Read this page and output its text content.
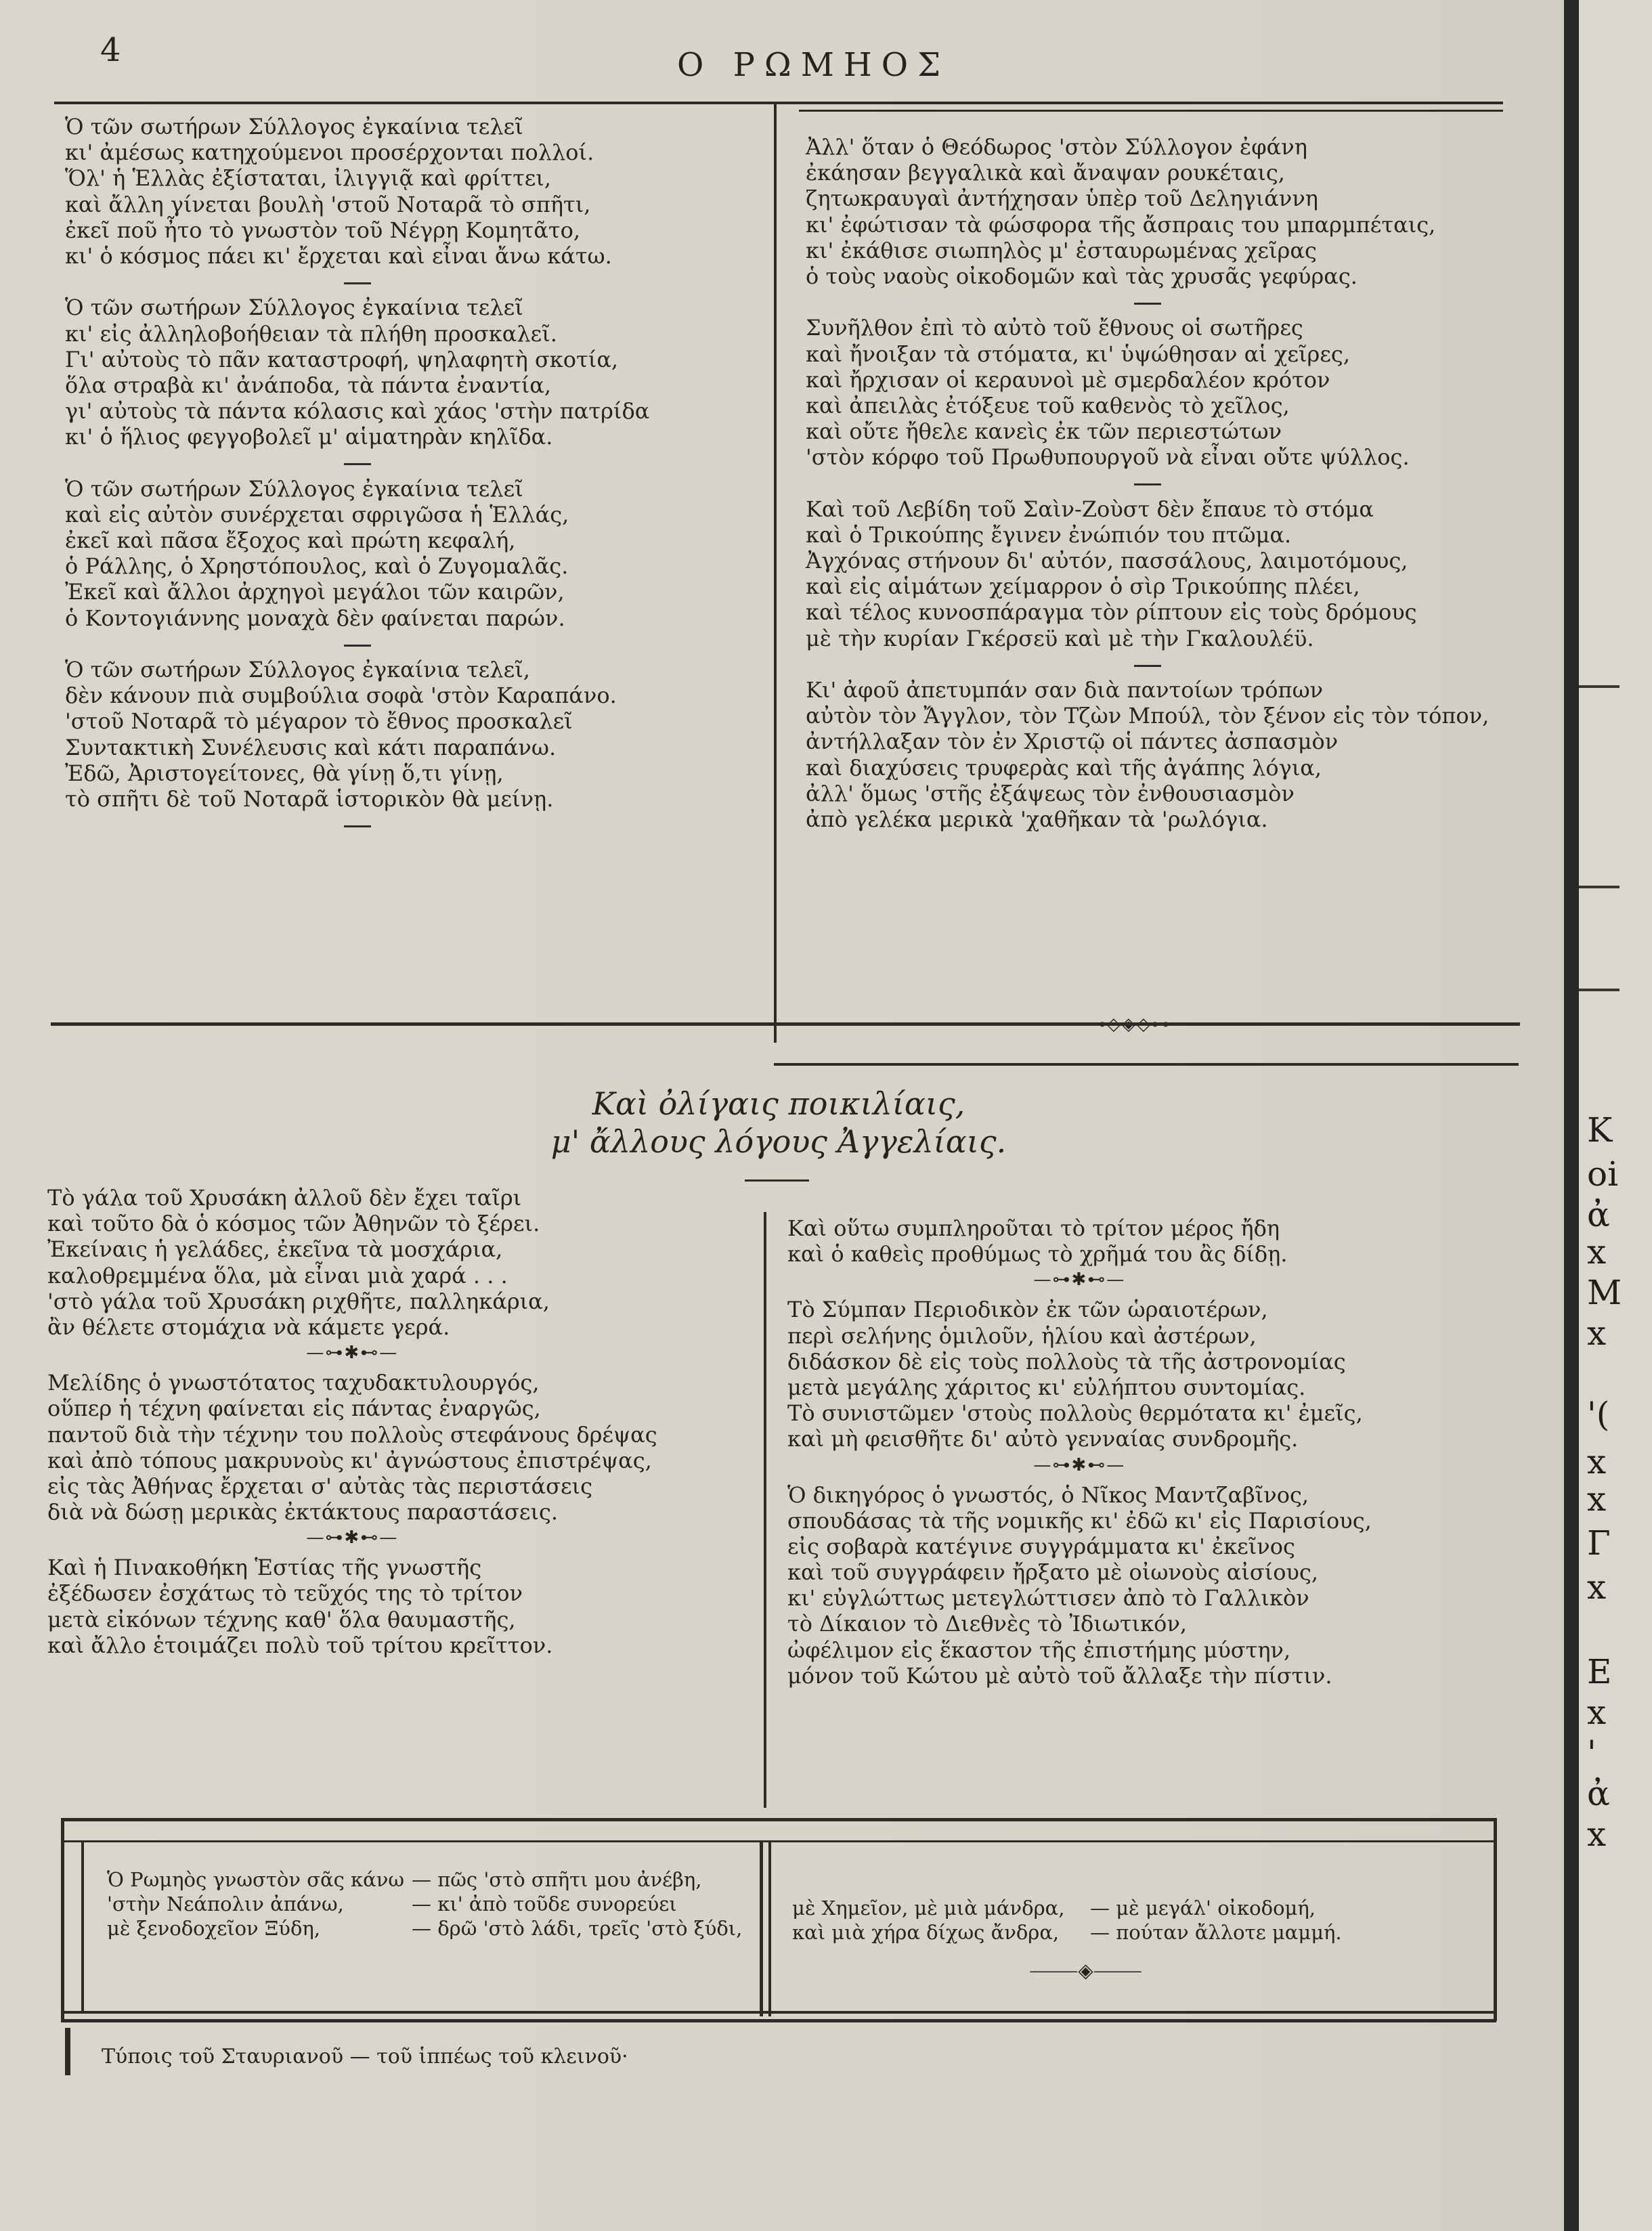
4	Ο ΡΩΜΗΟΣ
Ὁ τῶν σωτήρων Σύλλογος ἐγκαίνια τελεῖ
κι' ἀμέσως κατηχούμενοι προσέρχονται πολλοί.
Ὅλ' ἡ Ἑλλὰς ἐξίσταται, ἰλιγγιᾷ καὶ φρίττει,
καὶ ἄλλη γίνεται βουλὴ 'στοῦ Νοταρᾶ τὸ σπῆτι,
ἐκεῖ ποῦ ἦτο τὸ γνωστὸν τοῦ Νέγρη Κομητᾶτο,
κι' ὁ κόσμος πάει κι' ἔρχεται καὶ εἶναι ἄνω κάτω.
Ὁ τῶν σωτήρων Σύλλογος ἐγκαίνια τελεῖ
κι' εἰς ἀλληλοβοήθειαν τὰ πλήθη προσκαλεῖ.
Γι' αὐτοὺς τὸ πᾶν καταστροφή, ψηλαφητὴ σκοτία,
ὅλα στραβὰ κι' ἀνάποδα, τὰ πάντα ἐναντία,
γι' αὐτοὺς τὰ πάντα κόλασις καὶ χάος 'στὴν πατρίδα
κι' ὁ ἥλιος φεγγοβολεῖ μ' αἱματηρὰν κηλῖδα.
Ὁ τῶν σωτήρων Σύλλογος ἐγκαίνια τελεῖ
καὶ εἰς αὐτὸν συνέρχεται σφριγῶσα ἡ Ἑλλάς,
ἐκεῖ καὶ πᾶσα ἔξοχος καὶ πρώτη κεφαλή,
ὁ Ράλλης, ὁ Χρηστόπουλος, καὶ ὁ Ζυγομαλᾶς.
Ἐκεῖ καὶ ἄλλοι ἀρχηγοὶ μεγάλοι τῶν καιρῶν,
ὁ Κοντογιάννης μοναχὰ δὲν φαίνεται παρών.
Ὁ τῶν σωτήρων Σύλλογος ἐγκαίνια τελεῖ,
δὲν κάνουν πιὰ συμβούλια σοφὰ 'στὸν Καραπάνο.
'στοῦ Νοταρᾶ τὸ μέγαρον τὸ ἔθνος προσκαλεῖ
Συντακτικὴ Συνέλευσις καὶ κάτι παραπάνω.
Ἐδῶ, Ἀριστογείτονες, θὰ γίνῃ ὅ,τι γίνῃ,
τὸ σπῆτι δὲ τοῦ Νοταρᾶ ἱστορικὸν θὰ μείνῃ.
Ἀλλ' ὅταν ὁ Θεόδωρος 'στὸν Σύλλογον ἐφάνη
ἐκάησαν βεγγαλικὰ καὶ ἄναψαν ρουκέταις,
ζητωκραυγαὶ ἀντήχησαν ὑπὲρ τοῦ Δεληγιάννη
κι' ἐφώτισαν τὰ φώσφορα τῆς ἄσπραις του μπαρμπέταις,
κι' ἐκάθισε σιωπηλὸς μ' ἐσταυρωμένας χεῖρας
ὁ τοὺς ναοὺς οἰκοδομῶν καὶ τὰς χρυσᾶς γεφύρας.
Συνῆλθον ἐπὶ τὸ αὐτὸ τοῦ ἔθνους οἱ σωτῆρες
καὶ ἤνοιξαν τὰ στόματα, κι' ὑψώθησαν αἱ χεῖρες,
καὶ ἤρχισαν οἱ κεραυνοὶ μὲ σμερδαλέον κρότον
καὶ ἀπειλὰς ἐτόξευε τοῦ καθενὸς τὸ χεῖλος,
καὶ οὔτε ἤθελε κανεὶς ἐκ τῶν περιεστώτων
'στὸν κόρφο τοῦ Πρωθυπουργοῦ νὰ εἶναι οὔτε ψύλλος.
Καὶ τοῦ Λεβίδη τοῦ Σαὶν-Ζοὺστ δὲν ἔπαυε τὸ στόμα
καὶ ὁ Τρικούπης ἔγινεν ἐνώπιόν του πτῶμα.
Ἀγχόνας στήνουν δι' αὐτόν, πασσάλους, λαιμοτόμους,
καὶ εἰς αἱμάτων χείμαρρον ὁ σὶρ Τρικούπης πλέει,
καὶ τέλος κυνοσπάραγμα τὸν ρίπτουν εἰς τοὺς δρόμους
μὲ τὴν κυρίαν Γκέρσεϋ καὶ μὲ τὴν Γκαλουλέϋ.
Κι' ἀφοῦ ἀπετυμπάν σαν διὰ παντοίων τρόπων
αὐτὸν τὸν Ἄγγλον, τὸν Τζὼν Μπούλ, τὸν ξένον εἰς τὸν τόπον,
ἀντήλλαξαν τὸν ἐν Χριστῷ οἱ πάντες ἀσπασμὸν
καὶ διαχύσεις τρυφερὰς καὶ τῆς ἀγάπης λόγια,
ἀλλ' ὅμως 'στῆς ἐξάψεως τὸν ἐνθουσιασμὸν
ἀπὸ γελέκα μερικὰ 'χαθῆκαν τὰ 'ρωλόγια.
Καὶ ὀλίγαις ποικιλίαις,
μ' ἄλλους λόγους Ἀγγελίαις.
Τὸ γάλα τοῦ Χρυσάκη ἀλλοῦ δὲν ἔχει ταῖρι
καὶ τοῦτο δὰ ὁ κόσμος τῶν Ἀθηνῶν τὸ ξέρει.
Ἐκείναις ἡ γελάδες, ἐκεῖνα τὰ μοσχάρια,
καλοθρεμμένα ὅλα, μὰ εἶναι μιὰ χαρά . . .
'στὸ γάλα τοῦ Χρυσάκη ριχθῆτε, παλληκάρια,
ἂν θέλετε στομάχια νὰ κάμετε γερά.
—⊶✱⊷—
Μελίδης ὁ γνωστότατος ταχυδακτυλουργός,
οὕπερ ἡ τέχνη φαίνεται εἰς πάντας ἐναργῶς,
παντοῦ διὰ τὴν τέχνην του πολλοὺς στεφάνους δρέψας
καὶ ἀπὸ τόπους μακρυνοὺς κι' ἀγνώστους ἐπιστρέψας,
εἰς τὰς Ἀθήνας ἔρχεται σ' αὐτὰς τὰς περιστάσεις
διὰ νὰ δώσῃ μερικὰς ἐκτάκτους παραστάσεις.
—⊶✱⊷—
Καὶ ἡ Πινακοθήκη Ἑστίας τῆς γνωστῆς
ἐξέδωσεν ἐσχάτως τὸ τεῦχός της τὸ τρίτον
μετὰ εἰκόνων τέχνης καθ' ὅλα θαυμαστῆς,
καὶ ἄλλο ἑτοιμάζει πολὺ τοῦ τρίτου κρεῖττον.
Καὶ οὕτω συμπληροῦται τὸ τρίτον μέρος ἤδη
καὶ ὁ καθεὶς προθύμως τὸ χρῆμά του ἂς δίδῃ.
—⊶✱⊷—
Τὸ Σύμπαν Περιοδικὸν ἐκ τῶν ὡραιοτέρων,
περὶ σελήνης ὁμιλοῦν, ἡλίου καὶ ἀστέρων,
διδάσκον δὲ εἰς τοὺς πολλοὺς τὰ τῆς ἀστρονομίας
μετὰ μεγάλης χάριτος κι' εὐλήπτου συντομίας.
Τὸ συνιστῶμεν 'στοὺς πολλοὺς θερμότατα κι' ἐμεῖς,
καὶ μὴ φεισθῆτε δι' αὐτὸ γενναίας συνδρομῆς.
—⊶✱⊷—
Ὁ δικηγόρος ὁ γνωστός, ὁ Νῖκος Μαντζαβῖνος,
σπουδάσας τὰ τῆς νομικῆς κι' ἐδῶ κι' εἰς Παρισίους,
εἰς σοβαρὰ κατέγινε συγγράμματα κι' ἐκεῖνος
καὶ τοῦ συγγράφειν ἤρξατο μὲ οἰωνοὺς αἰσίους,
κι' εὐγλώττως μετεγλώττισεν ἀπὸ τὸ Γαλλικὸν
τὸ Δίκαιον τὸ Διεθνὲς τὸ Ἰδιωτικόν,
ὠφέλιμον εἰς ἕκαστον τῆς ἐπιστήμης μύστην,
μόνον τοῦ Κώτου μὲ αὐτὸ τοῦ ἄλλαξε τὴν πίστιν.
Ὁ Ρωμηὸς γνωστὸν σᾶς κάνω — πῶς 'στὸ σπῆτι μου ἀνέβη,
'στὴν Νεάπολιν ἀπάνω,	— κι' ἀπὸ τοῦδε συνορεύει
μὲ ξενοδοχεῖον Ξύδη,	— δρῶ 'στὸ λάδι, τρεῖς 'στὸ ξύδι,
μὲ Χημεῖον, μὲ μιὰ μάνδρα, — μὲ μεγάλ' οἰκοδομή,
καὶ μιὰ χήρα δίχως ἄνδρα, — πούταν ἄλλοτε μαμμή.
⸻◈⸻
Τύποις τοῦ Σταυριανοῦ — τοῦ ἱππέως τοῦ κλεινοῦ·
K
oi
ἀ
x
M
x
'(
x
x
Γ
x
E
x
'
ἀ
x
